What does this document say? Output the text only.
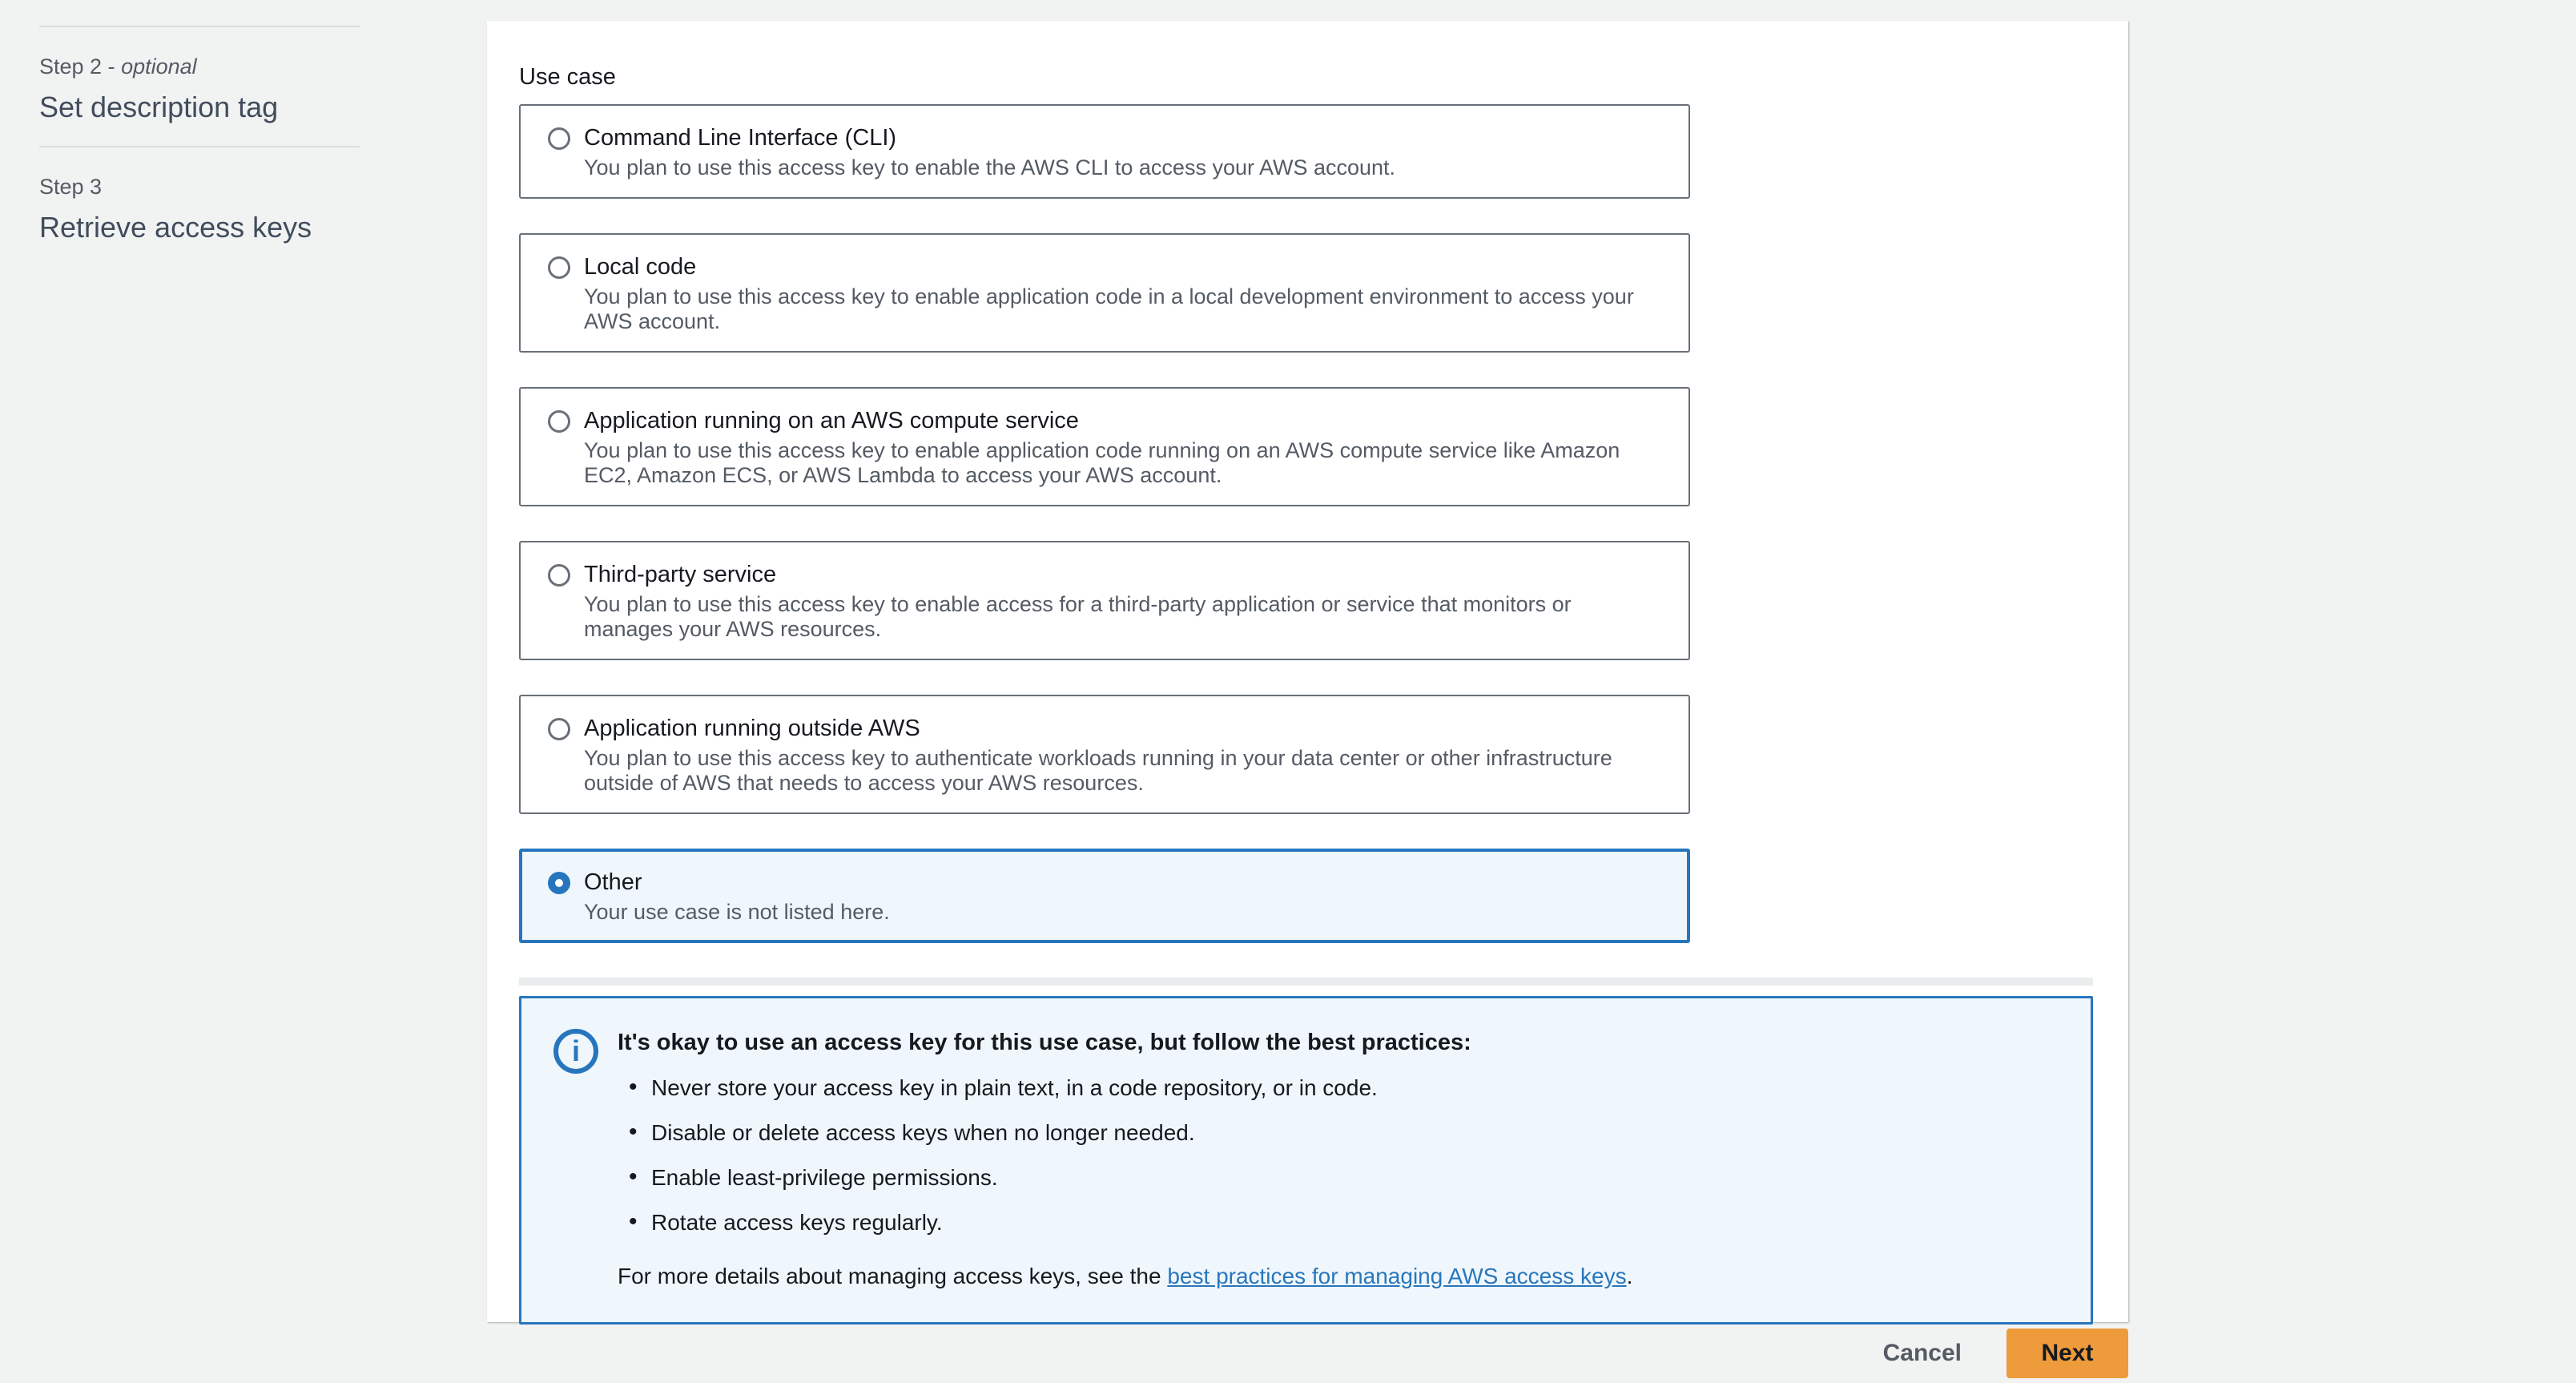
Step 2 - optional
Set description tag
Step 3
Retrieve access keys
Use case
Command Line Interface (CLI)
You plan to use this access key to enable the AWS CLI to access your AWS account.
Local code
You plan to use this access key to enable application code in a local development environment to access your AWS account.
Application running on an AWS compute service
You plan to use this access key to enable application code running on an AWS compute service like Amazon EC2, Amazon ECS, or AWS Lambda to access your AWS account.
Third-party service
You plan to use this access key to enable access for a third-party application or service that monitors or manages your AWS resources.
Application running outside AWS
You plan to use this access key to authenticate workloads running in your data center or other infrastructure outside of AWS that needs to access your AWS resources.
Other
Your use case is not listed here.
i	It's okay to use an access key for this use case, but follow the best practices:
• Never store your access key in plain text, in a code repository, or in code.
• Disable or delete access keys when no longer needed.
• Enable least-privilege permissions.
• Rotate access keys regularly.
For more details about managing access keys, see the best practices for managing AWS access keys.
Cancel	Next
